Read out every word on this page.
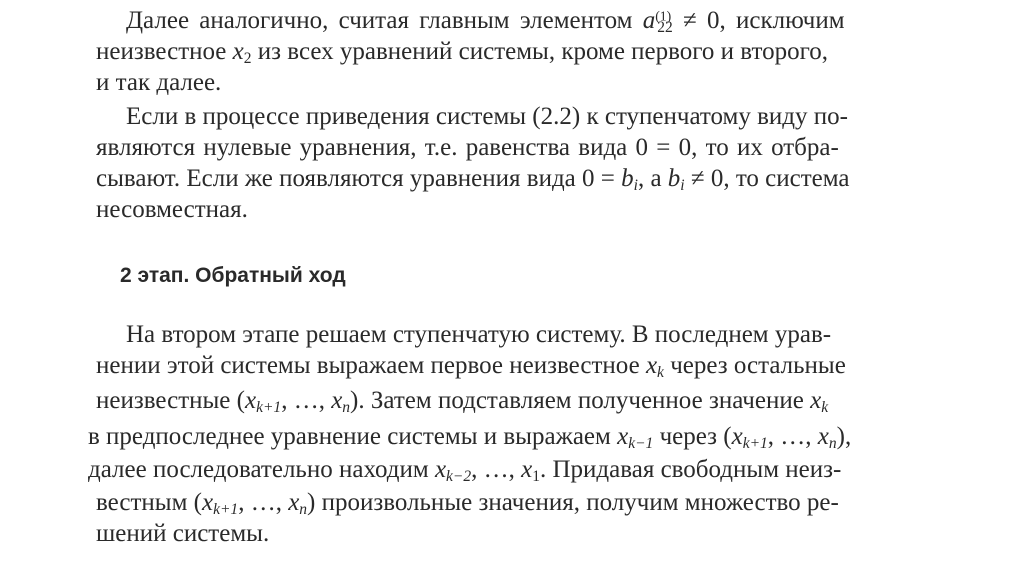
Далее аналогично, считая главным элементом $a^{(1)}_{22} \ne 0$, исключим
неизвестное $x_2$ из всех уравнений системы, кроме первого и второго,
и так далее.
Если в процессе приведения системы (2.2) к ступенчатому виду по-
являются нулевые уравнения, т.е. равенства вида 0 = 0, то их отбра-
сывают. Если же появляются уравнения вида $0 = b_i$, а $b_i \ne 0$, то система
несовместная.
2 этап. Обратный ход
На втором этапе решаем ступенчатую систему. В последнем урав-
нении этой системы выражаем первое неизвестное $x_k$ через остальные
неизвестные ($x_{k+1}$, …, $x_n$). Затем подставляем полученное значение $x_k$
в предпоследнее уравнение системы и выражаем $x_{k-1}$ через ($x_{k+1}$, …, $x_n$),
далее последовательно находим $x_{k-2}$, …, $x_1$. Придавая свободным неиз-
вестным ($x_{k+1}$, …, $x_n$) произвольные значения, получим множество ре-
шений системы.
